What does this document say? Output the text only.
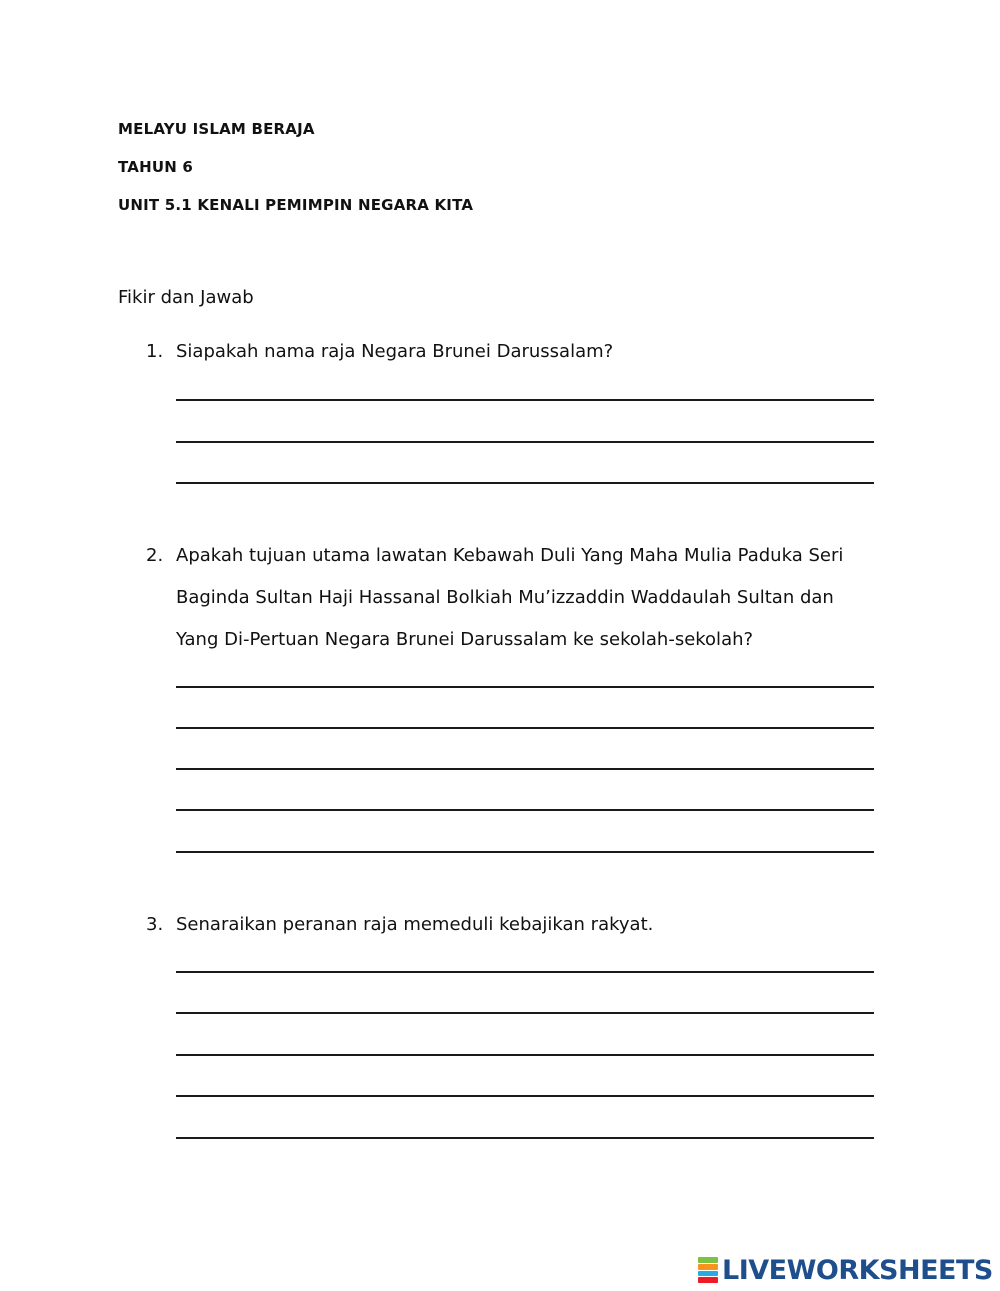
MELAYU ISLAM BERAJA
TAHUN 6
UNIT 5.1 KENALI PEMIMPIN NEGARA KITA
Fikir dan Jawab
1. Siapakah nama raja Negara Brunei Darussalam?
2. Apakah tujuan utama lawatan Kebawah Duli Yang Maha Mulia Paduka Seri
Baginda Sultan Haji Hassanal Bolkiah Mu’izzaddin Waddaulah Sultan dan
Yang Di-Pertuan Negara Brunei Darussalam ke sekolah-sekolah?
3. Senaraikan peranan raja memeduli kebajikan rakyat.
LIVEWORKSHEETS
